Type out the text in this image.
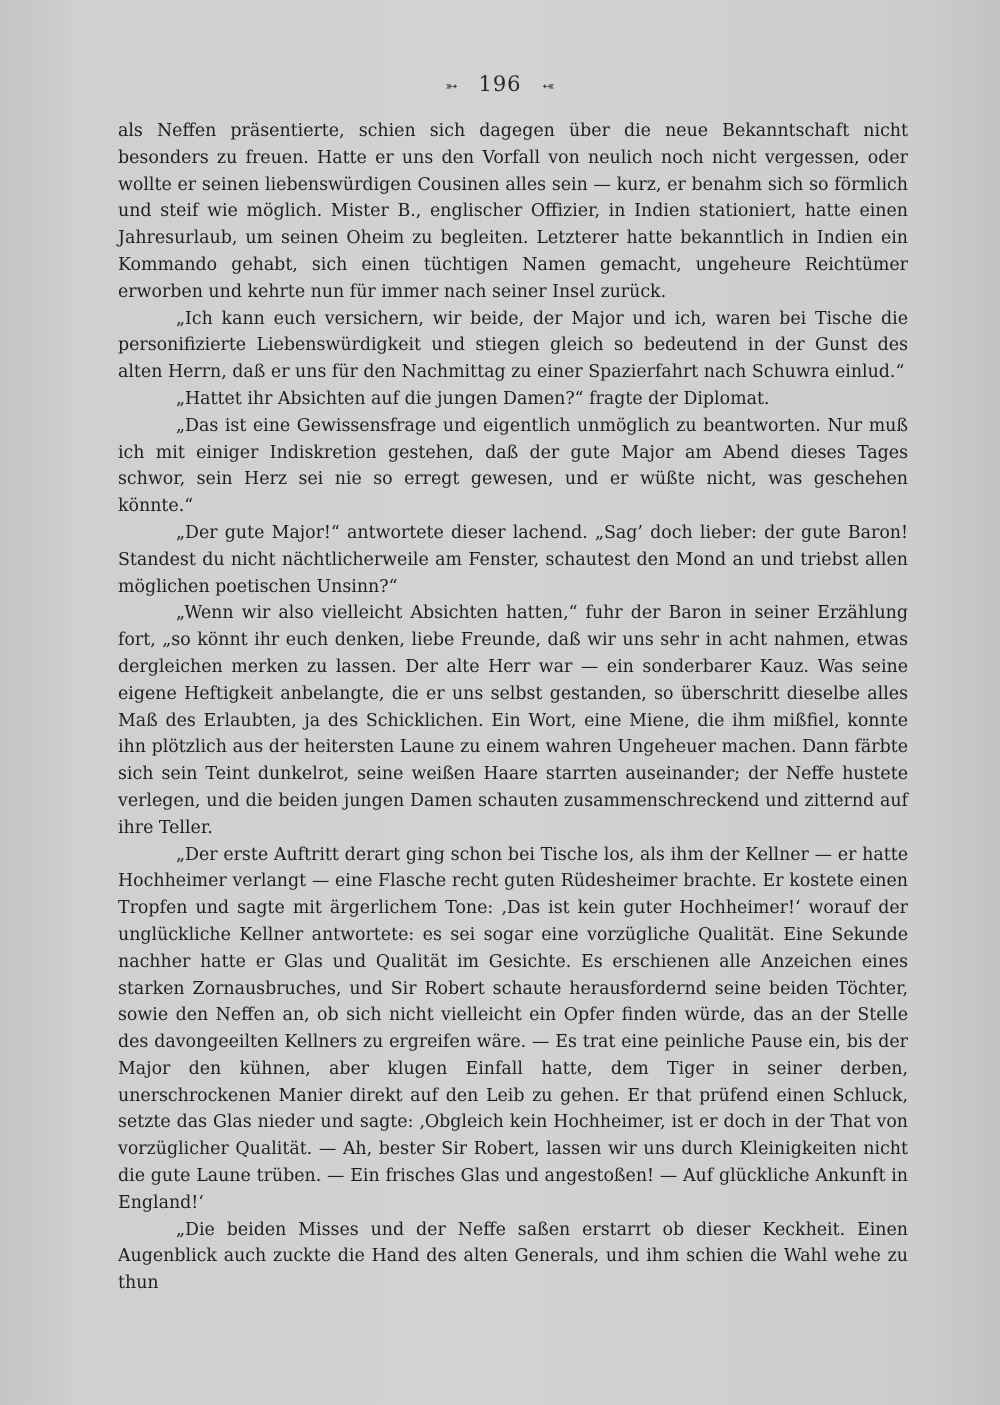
➳ 196 ➳

als Neffen präsentierte, schien sich dagegen über die neue Bekanntschaft nicht besonders zu freuen. Hatte er uns den Vorfall von neulich noch nicht vergessen, oder wollte er seinen liebenswürdigen Cousinen alles sein — kurz, er benahm sich so förmlich und steif wie möglich. Mister B., englischer Offizier, in Indien stationiert, hatte einen Jahresurlaub, um seinen Oheim zu begleiten. Letzterer hatte bekanntlich in Indien ein Kommando gehabt, sich einen tüchtigen Namen gemacht, ungeheure Reichtümer erworben und kehrte nun für immer nach seiner Insel zurück.

„Ich kann euch versichern, wir beide, der Major und ich, waren bei Tische die personifizierte Liebenswürdigkeit und stiegen gleich so bedeutend in der Gunst des alten Herrn, daß er uns für den Nachmittag zu einer Spazierfahrt nach Schuwra einlud.“

„Hattet ihr Absichten auf die jungen Damen?“ fragte der Diplomat.

„Das ist eine Gewissensfrage und eigentlich unmöglich zu beantworten. Nur muß ich mit einiger Indiskretion gestehen, daß der gute Major am Abend dieses Tages schwor, sein Herz sei nie so erregt gewesen, und er wüßte nicht, was geschehen könnte.“

„Der gute Major!“ antwortete dieser lachend. „Sag’ doch lieber: der gute Baron! Standest du nicht nächtlicherweile am Fenster, schautest den Mond an und triebst allen möglichen poetischen Unsinn?“

„Wenn wir also vielleicht Absichten hatten,“ fuhr der Baron in seiner Erzählung fort, „so könnt ihr euch denken, liebe Freunde, daß wir uns sehr in acht nahmen, etwas dergleichen merken zu lassen. Der alte Herr war — ein sonderbarer Kauz. Was seine eigene Heftigkeit anbelangte, die er uns selbst gestanden, so überschritt dieselbe alles Maß des Erlaubten, ja des Schicklichen. Ein Wort, eine Miene, die ihm mißfiel, konnte ihn plötzlich aus der heitersten Laune zu einem wahren Ungeheuer machen. Dann färbte sich sein Teint dunkelrot, seine weißen Haare starrten auseinander; der Neffe hustete verlegen, und die beiden jungen Damen schauten zusammenschreckend und zitternd auf ihre Teller.

„Der erste Auftritt derart ging schon bei Tische los, als ihm der Kellner — er hatte Hochheimer verlangt — eine Flasche recht guten Rüdesheimer brachte. Er kostete einen Tropfen und sagte mit ärgerlichem Tone: ‚Das ist kein guter Hochheimer!‘ worauf der unglückliche Kellner antwortete: es sei sogar eine vorzügliche Qualität. Eine Sekunde nachher hatte er Glas und Qualität im Gesichte. Es erschienen alle Anzeichen eines starken Zornausbruches, und Sir Robert schaute herausfordernd seine beiden Töchter, sowie den Neffen an, ob sich nicht vielleicht ein Opfer finden würde, das an der Stelle des davongeeilten Kellners zu ergreifen wäre. — Es trat eine peinliche Pause ein, bis der Major den kühnen, aber klugen Einfall hatte, dem Tiger in seiner derben, unerschrockenen Manier direkt auf den Leib zu gehen. Er that prüfend einen Schluck, setzte das Glas nieder und sagte: ‚Obgleich kein Hochheimer, ist er doch in der That von vorzüglicher Qualität. — Ah, bester Sir Robert, lassen wir uns durch Kleinigkeiten nicht die gute Laune trüben. — Ein frisches Glas und angestoßen! — Auf glückliche Ankunft in England!‘

„Die beiden Misses und der Neffe saßen erstarrt ob dieser Keckheit. Einen Augenblick auch zuckte die Hand des alten Generals, und ihm schien die Wahl wehe zu thun
